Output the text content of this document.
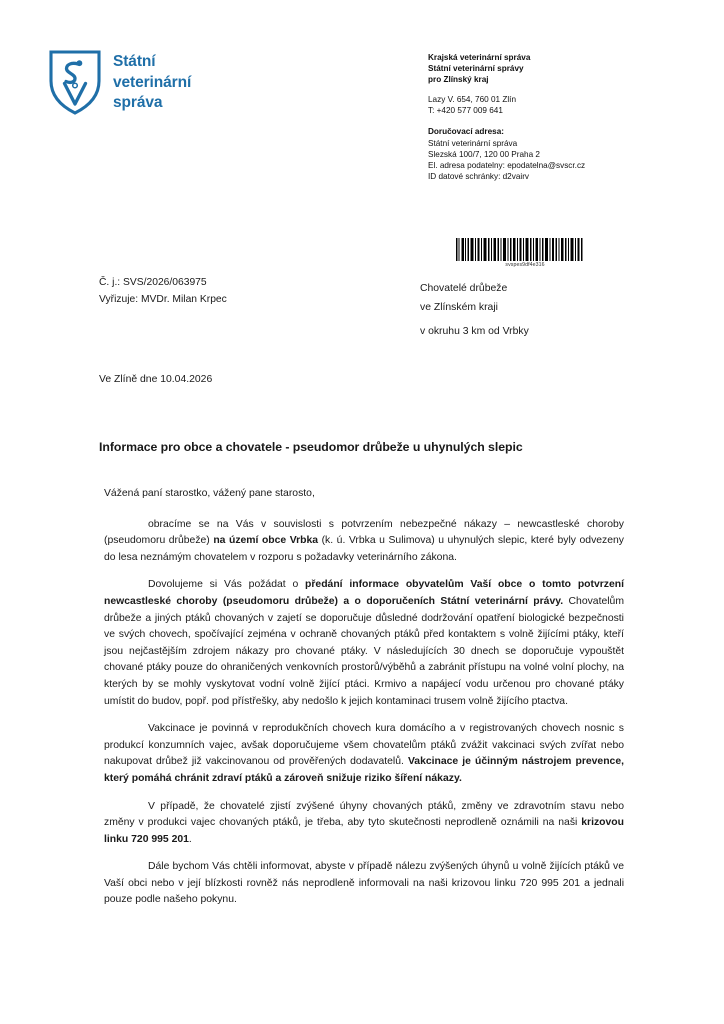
Státní
veterinární
správa
Krajská veterinární správa
Státní veterinární správy
pro Zlínský kraj
Lazy V. 654, 760 01 Zlín
T: +420 577 009 641
Doručovací adresa:
Státní veterinární správa
Slezská 100/7, 120 00 Praha 2
El. adresa podatelny: epodatelna@svscr.cz
ID datové schránky: d2vairv
svspes9df4e316
Č. j.: SVS/2026/063975
Vyřizuje: MVDr. Milan Krpec
Chovatelé drůbeže
ve Zlínském kraji
v okruhu 3 km od Vrbky
Ve Zlíně dne 10.04.2026
Informace pro obce a chovatele - pseudomor drůbeže u uhynulých slepic

Vážená paní starostko, vážený pane starosto,

obracíme se na Vás v souvislosti s potvrzením nebezpečné nákazy – newcastleské choroby (pseudomoru drůbeže) na území obce Vrbka (k. ú. Vrbka u Sulimova) u uhynulých slepic, které byly odvezeny do lesa neznámým chovatelem v rozporu s požadavky veterinárního zákona.

Dovolujeme si Vás požádat o předání informace obyvatelům Vaší obce o tomto potvrzení newcastleské choroby (pseudomoru drůbeže) a o doporučeních Státní veterinární právy. Chovatelům drůbeže a jiných ptáků chovaných v zajetí se doporučuje důsledné dodržování opatření biologické bezpečnosti ve svých chovech, spočívající zejména v ochraně chovaných ptáků před kontaktem s volně žijícími ptáky, kteří jsou nejčastějším zdrojem nákazy pro chované ptáky. V následujících 30 dnech se doporučuje vypouštět chované ptáky pouze do ohraničených venkovních prostorů/výběhů a zabránit přístupu na volné volní plochy, na kterých by se mohly vyskytovat vodní volně žijící ptáci. Krmivo a napájecí vodu určenou pro chované ptáky umístit do budov, popř. pod přístřešky, aby nedošlo k jejich kontaminaci trusem volně žijícího ptactva.

Vakcinace je povinná v reprodukčních chovech kura domácího a v registrovaných chovech nosnic s produkcí konzumních vajec, avšak doporučujeme všem chovatelům ptáků zvážit vakcinaci svých zvířat nebo nakupovat drůbež již vakcinovanou od prověřených dodavatelů. Vakcinace je účinným nástrojem prevence, který pomáhá chránit zdraví ptáků a zároveň snižuje riziko šíření nákazy.

V případě, že chovatelé zjistí zvýšené úhyny chovaných ptáků, změny ve zdravotním stavu nebo změny v produkci vajec chovaných ptáků, je třeba, aby tyto skutečnosti neprodleně oznámili na naši krizovou linku 720 995 201.

Dále bychom Vás chtěli informovat, abyste v případě nálezu zvýšených úhynů u volně žijících ptáků ve Vaší obci nebo v její blízkosti rovněž nás neprodleně informovali na naši krizovou linku 720 995 201 a jednali pouze podle našeho pokynu.
